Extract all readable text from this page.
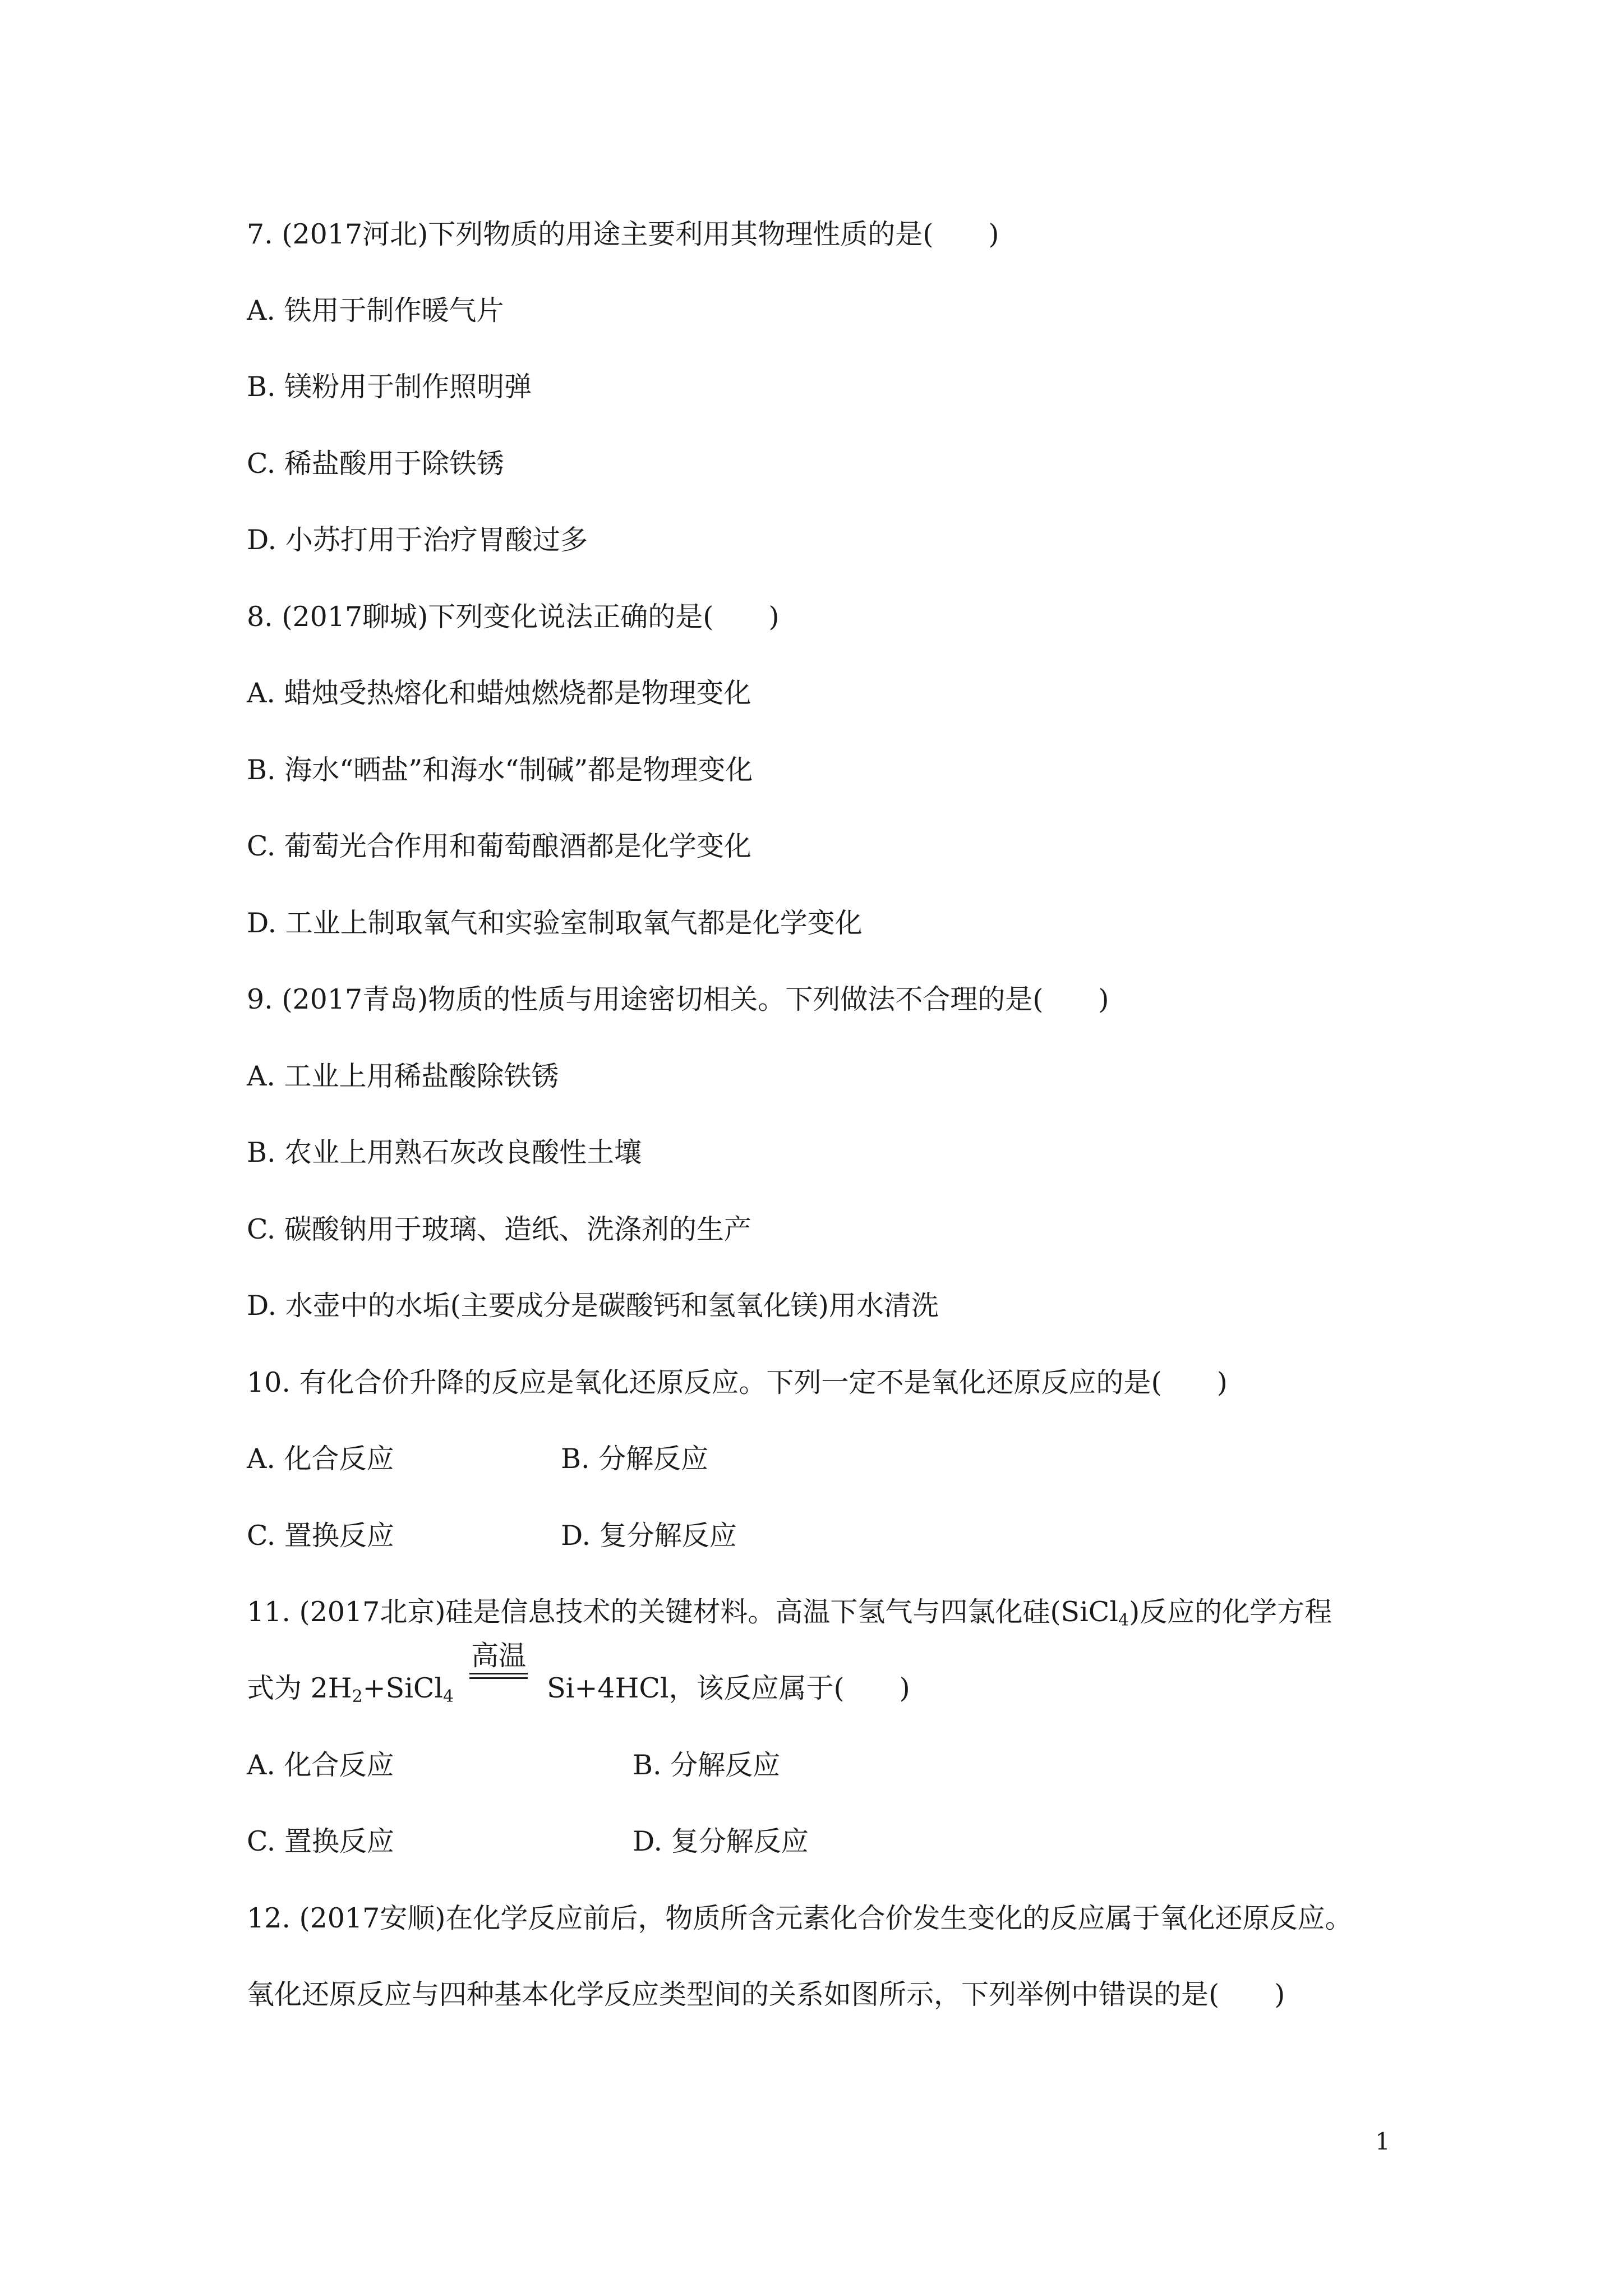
7. (2017河北)下列物质的用途主要利用其物理性质的是(　　)
A. 铁用于制作暖气片
B. 镁粉用于制作照明弹
C. 稀盐酸用于除铁锈
D. 小苏打用于治疗胃酸过多
8. (2017聊城)下列变化说法正确的是(　　)
A. 蜡烛受热熔化和蜡烛燃烧都是物理变化
B. 海水“晒盐”和海水“制碱”都是物理变化
C. 葡萄光合作用和葡萄酿酒都是化学变化
D. 工业上制取氧气和实验室制取氧气都是化学变化
9. (2017青岛)物质的性质与用途密切相关。下列做法不合理的是(　　)
A. 工业上用稀盐酸除铁锈
B. 农业上用熟石灰改良酸性土壤
C. 碳酸钠用于玻璃、造纸、洗涤剂的生产
D. 水壶中的水垢(主要成分是碳酸钙和氢氧化镁)用水清洗
10. 有化合价升降的反应是氧化还原反应。下列一定不是氧化还原反应的是(　　)
A. 化合反应	B. 分解反应
C. 置换反应	D. 复分解反应
11. (2017北京)硅是信息技术的关键材料。高温下氢气与四氯化硅(SiCl$_4$)反应的化学方程
式为 $2H_2+SiCl_4$
高温
Si+4HCl，该反应属于(　　)
A. 化合反应	B. 分解反应
C. 置换反应	D. 复分解反应
12. (2017安顺)在化学反应前后，物质所含元素化合价发生变化的反应属于氧化还原反应。
氧化还原反应与四种基本化学反应类型间的关系如图所示，下列举例中错误的是(　　)
1
